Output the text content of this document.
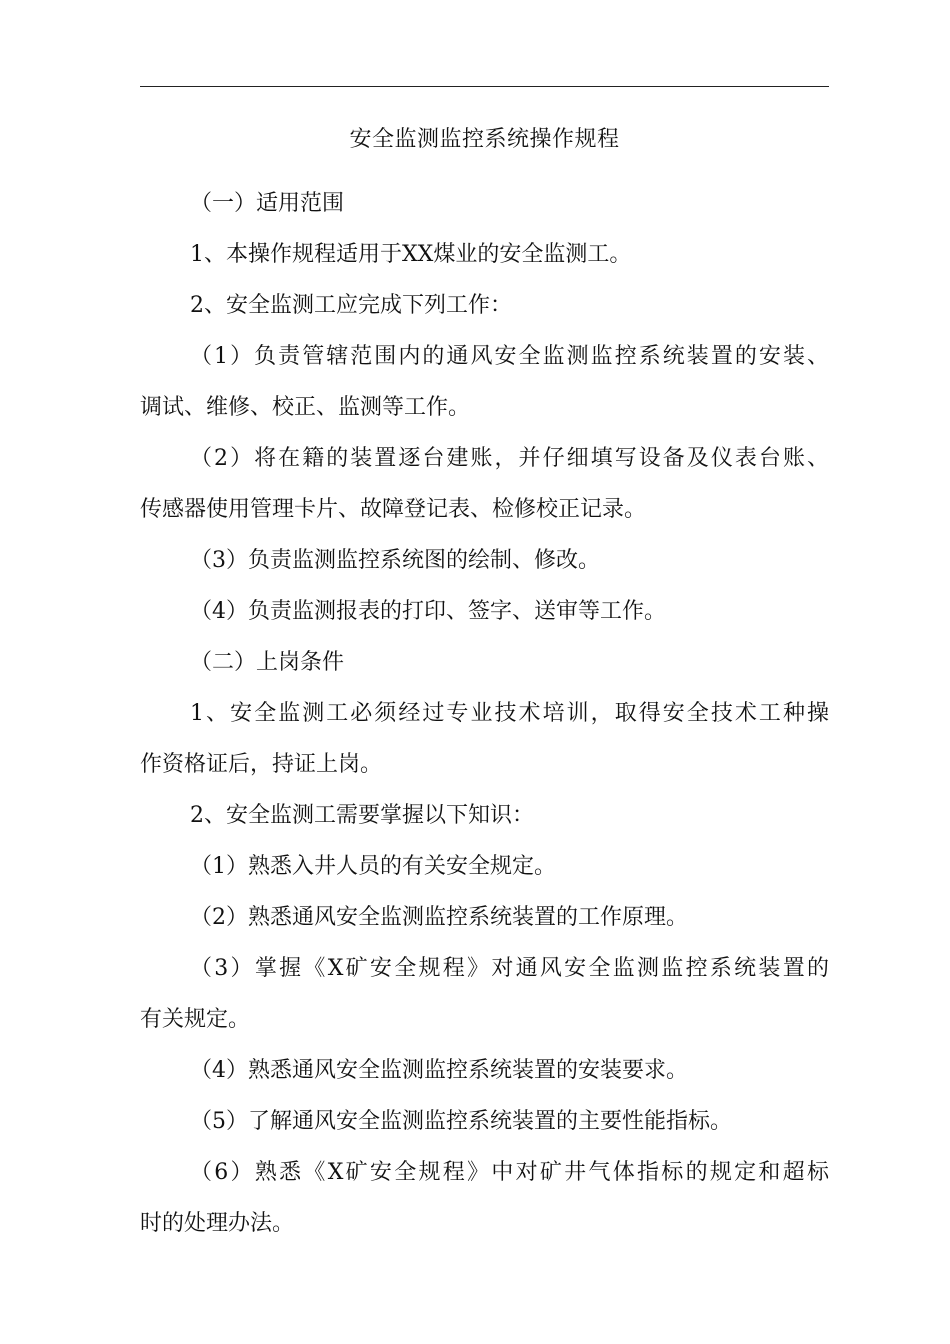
安全监测监控系统操作规程
（一）适用范围
1、本操作规程适用于XX煤业的安全监测工。
2、安全监测工应完成下列工作：
（1）负责管辖范围内的通风安全监测监控系统装置的安装、
调试、维修、校正、监测等工作。
（2）将在籍的装置逐台建账，并仔细填写设备及仪表台账、
传感器使用管理卡片、故障登记表、检修校正记录。
（3）负责监测监控系统图的绘制、修改。
（4）负责监测报表的打印、签字、送审等工作。
（二）上岗条件
1、安全监测工必须经过专业技术培训，取得安全技术工种操
作资格证后，持证上岗。
2、安全监测工需要掌握以下知识：
（1）熟悉入井人员的有关安全规定。
（2）熟悉通风安全监测监控系统装置的工作原理。
（3）掌握《X矿安全规程》对通风安全监测监控系统装置的
有关规定。
（4）熟悉通风安全监测监控系统装置的安装要求。
（5）了解通风安全监测监控系统装置的主要性能指标。
（6）熟悉《X矿安全规程》中对矿井气体指标的规定和超标
时的处理办法。
